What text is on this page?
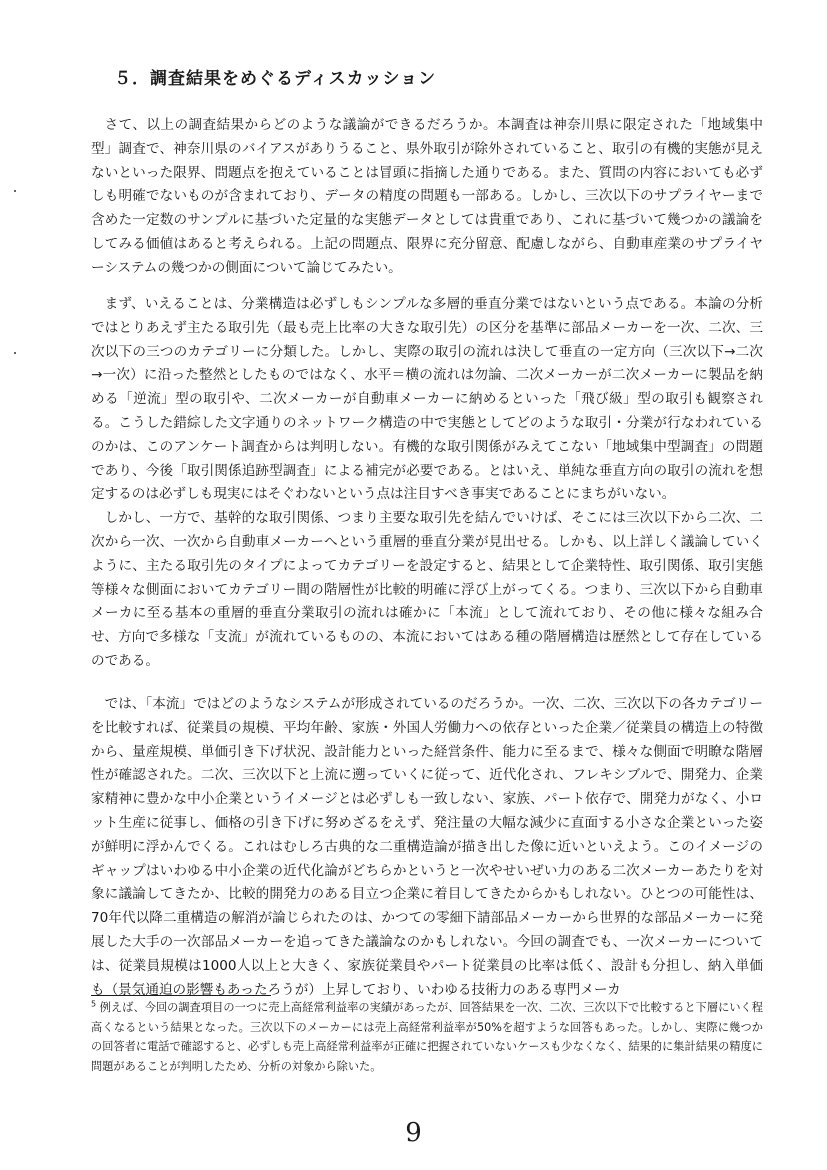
５．調査結果をめぐるディスカッション

さて、以上の調査結果からどのような議論ができるだろうか。本調査は神奈川県に限定された「地域集中型」調査で、神奈川県のバイアスがありうること、県外取引が除外されていること、取引の有機的実態が見えないといった限界、問題点を抱えていることは冒頭に指摘した通りである。また、質問の内容においても必ずしも明確でないものが含まれており、データの精度の問題も一部ある。しかし、三次以下のサプライヤーまで含めた一定数のサンプルに基づいた定量的な実態データとしては貴重であり、これに基づいて幾つかの議論をしてみる価値はあると考えられる。上記の問題点、限界に充分留意、配慮しながら、自動車産業のサプライヤーシステムの幾つかの側面について論じてみたい。

まず、いえることは、分業構造は必ずしもシンプルな多層的垂直分業ではないという点である。本論の分析ではとりあえず主たる取引先（最も売上比率の大きな取引先）の区分を基準に部品メーカーを一次、二次、三次以下の三つのカテゴリーに分類した。しかし、実際の取引の流れは決して垂直の一定方向（三次以下→二次→一次）に沿った整然としたものではなく、水平＝横の流れは勿論、二次メーカーが二次メーカーに製品を納める「逆流」型の取引や、二次メーカーが自動車メーカーに納めるといった「飛び級」型の取引も観察される。こうした錯綜した文字通りのネットワーク構造の中で実態としてどのような取引・分業が行なわれているのかは、このアンケート調査からは判明しない。有機的な取引関係がみえてこない「地域集中型調査」の問題であり、今後「取引関係追跡型調査」による補完が必要である。とはいえ、単純な垂直方向の取引の流れを想定するのは必ずしも現実にはそぐわないという点は注目すべき事実であることにまちがいない。

しかし、一方で、基幹的な取引関係、つまり主要な取引先を結んでいけば、そこには三次以下から二次、二次から一次、一次から自動車メーカーへという重層的垂直分業が見出せる。しかも、以上詳しく議論していくように、主たる取引先のタイプによってカテゴリーを設定すると、結果として企業特性、取引関係、取引実態等様々な側面においてカテゴリー間の階層性が比較的明確に浮び上がってくる。つまり、三次以下から自動車メーカに至る基本の重層的垂直分業取引の流れは確かに「本流」として流れており、その他に様々な組み合せ、方向で多様な「支流」が流れているものの、本流においてはある種の階層構造は歴然として存在しているのである。

では、「本流」ではどのようなシステムが形成されているのだろうか。一次、二次、三次以下の各カテゴリーを比較すれば、従業員の規模、平均年齢、家族・外国人労働力への依存といった企業／従業員の構造上の特徴から、量産規模、単価引き下げ状況、設計能力といった経営条件、能力に至るまで、様々な側面で明瞭な階層性が確認された。二次、三次以下と上流に遡っていくに従って、近代化され、フレキシブルで、開発力、企業家精神に豊かな中小企業というイメージとは必ずしも一致しない、家族、パート依存で、開発力がなく、小ロット生産に従事し、価格の引き下げに努めざるをえず、発注量の大幅な減少に直面する小さな企業といった姿が鮮明に浮かんでくる。これはむしろ古典的な二重構造論が描き出した像に近いといえよう。このイメージのギャップはいわゆる中小企業の近代化論がどちらかというと一次やせいぜい力のある二次メーカーあたりを対象に議論してきたか、比較的開発力のある目立つ企業に着目してきたからかもしれない。ひとつの可能性は、70年代以降二重構造の解消が論じられたのは、かつての零細下請部品メーカーから世界的な部品メーカーに発展した大手の一次部品メーカーを追ってきた議論なのかもしれない。今回の調査でも、一次メーカーについては、従業員規模は1000人以上と大きく、家族従業員やパート従業員の比率は低く、設計も分担し、納入単価も（景気通迫の影響もあったろうが）上昇しており、いわゆる技術力のある専門メーカ

$^5$ 例えば、今回の調査項目の一つに売上高経常利益率の実績があったが、回答結果を一次、二次、三次以下で比較すると下層にいく程高くなるという結果となった。三次以下のメーカーには売上高経常利益率が50%を超すような回答もあった。しかし、実際に幾つかの回答者に電話で確認すると、必ずしも売上高経常利益率が正確に把握されていないケースも少なくなく、結果的に集計結果の精度に問題があることが判明したため、分析の対象から除いた。
9
